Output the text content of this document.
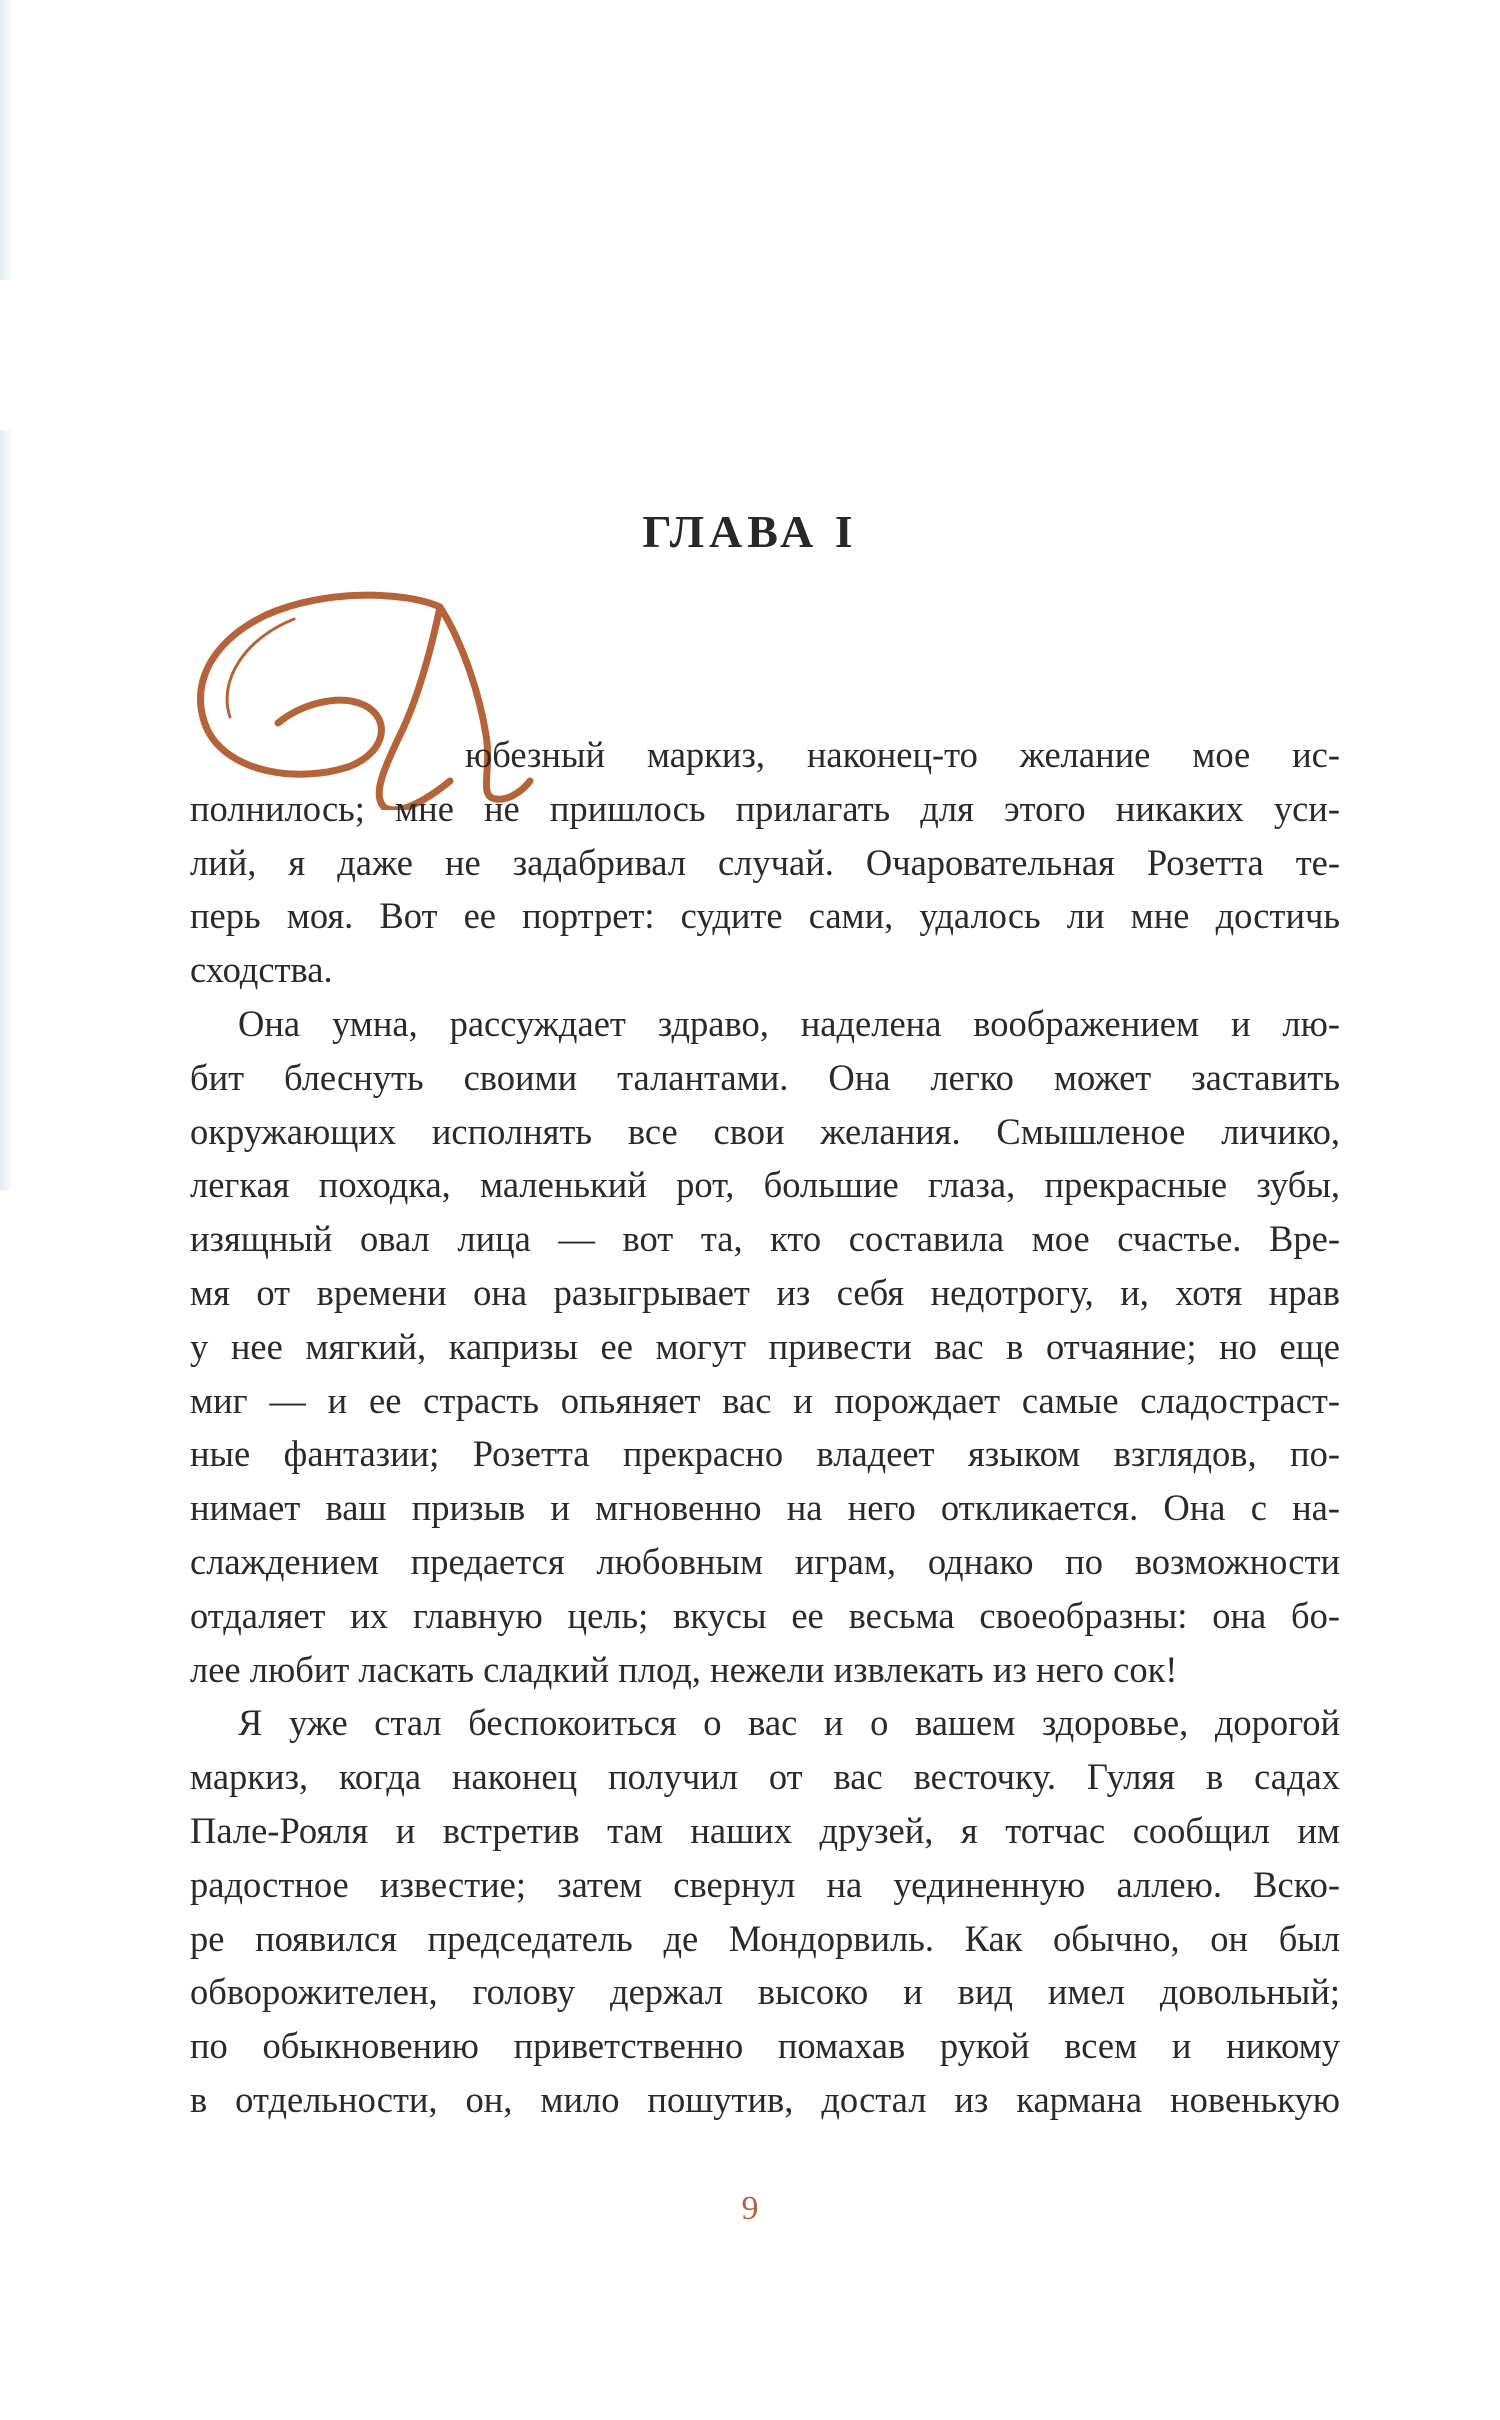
ГЛАВА I
юбезный маркиз, наконец-то желание мое ис-
полнилось; мне не пришлось прилагать для этого никаких уси-
лий, я даже не задабривал случай. Очаровательная Розетта те-
перь моя. Вот ее портрет: судите сами, удалось ли мне достичь
сходства.
Она умна, рассуждает здраво, наделена воображением и лю-
бит блеснуть своими талантами. Она легко может заставить
окружающих исполнять все свои желания. Смышленое личико,
легкая походка, маленький рот, большие глаза, прекрасные зубы,
изящный овал лица — вот та, кто составила мое счастье. Вре-
мя от времени она разыгрывает из себя недотрогу, и, хотя нрав
у нее мягкий, капризы ее могут привести вас в отчаяние; но еще
миг — и ее страсть опьяняет вас и порождает самые сладострaст-
ные фантазии; Розетта прекрасно владеет языком взглядов, по-
нимает ваш призыв и мгновенно на него откликается. Она с на-
слаждением предается любовным играм, однако по возможности
отдаляет их главную цель; вкусы ее весьма своеобразны: она бо-
лее любит ласкать сладкий плод, нежели извлекать из него сок!
Я уже стал беспокоиться о вас и о вашем здоровье, дорогой
маркиз, когда наконец получил от вас весточку. Гуляя в садах
Пале-Рояля и встретив там наших друзей, я тотчас сообщил им
радостное известие; затем свернул на уединенную аллею. Вско-
ре появился председатель де Мондорвиль. Как обычно, он был
обворожителен, голову держал высоко и вид имел довольный;
по обыкновению приветственно помахав рукой всем и никому
в отдельности, он, мило пошутив, достал из кармана новенькую
9
